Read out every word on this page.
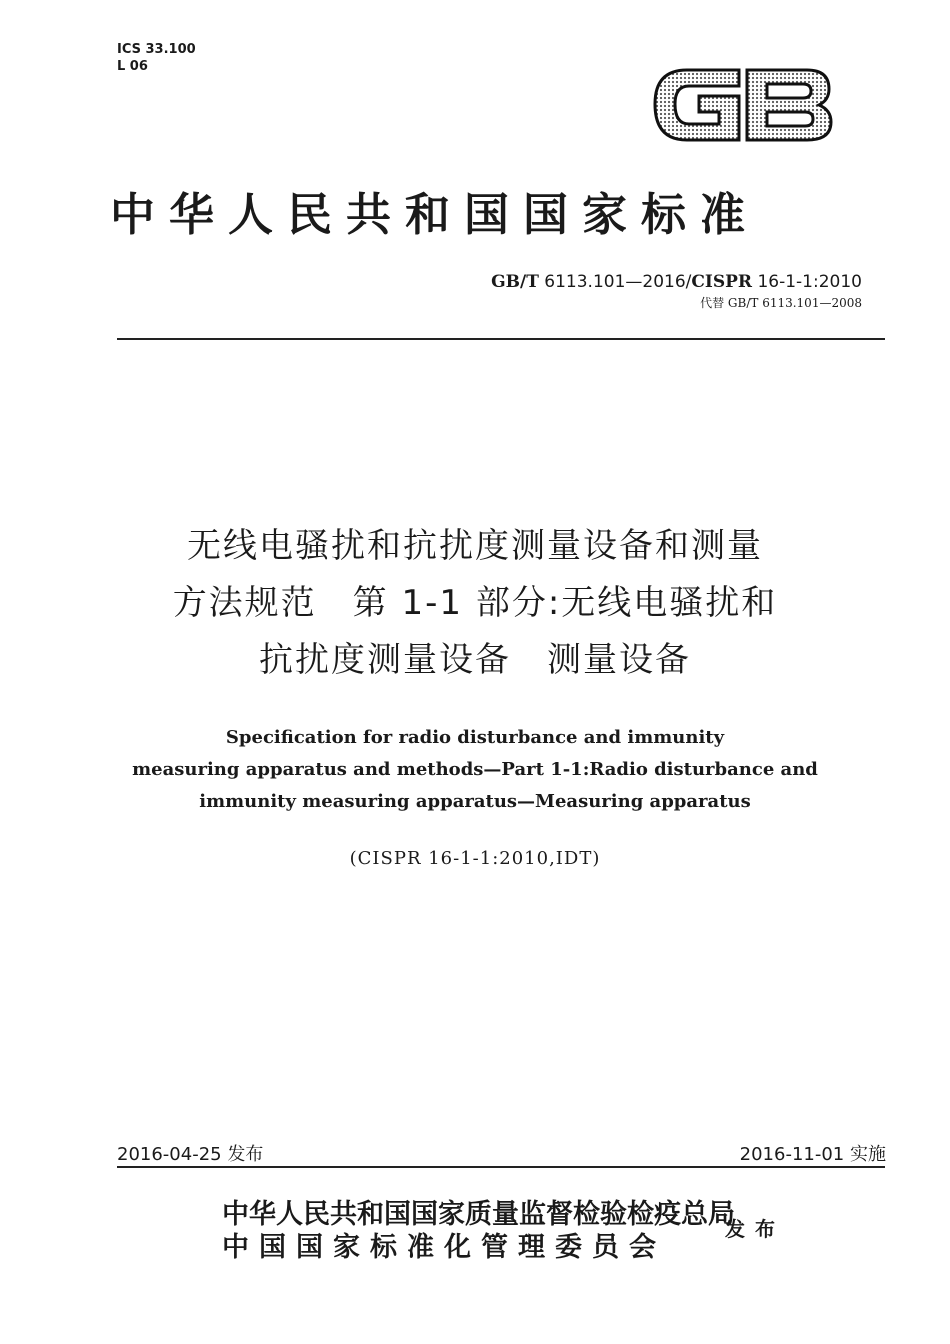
ICS 33.100
L 06
中华人民共和国国家标准
GB/T 6113.101—2016/CISPR 16-1-1:2010
代替 GB/T 6113.101—2008
无线电骚扰和抗扰度测量设备和测量
方法规范　第 1-1 部分:无线电骚扰和
抗扰度测量设备　测量设备
Specification for radio disturbance and immunity
measuring apparatus and methods—Part 1-1:Radio disturbance and
immunity measuring apparatus—Measuring apparatus
(CISPR 16-1-1:2010,IDT)
2016-04-25 发布	2016-11-01 实施
中华人民共和国国家质量监督检验检疫总局
中国国家标准化管理委员会
发布
